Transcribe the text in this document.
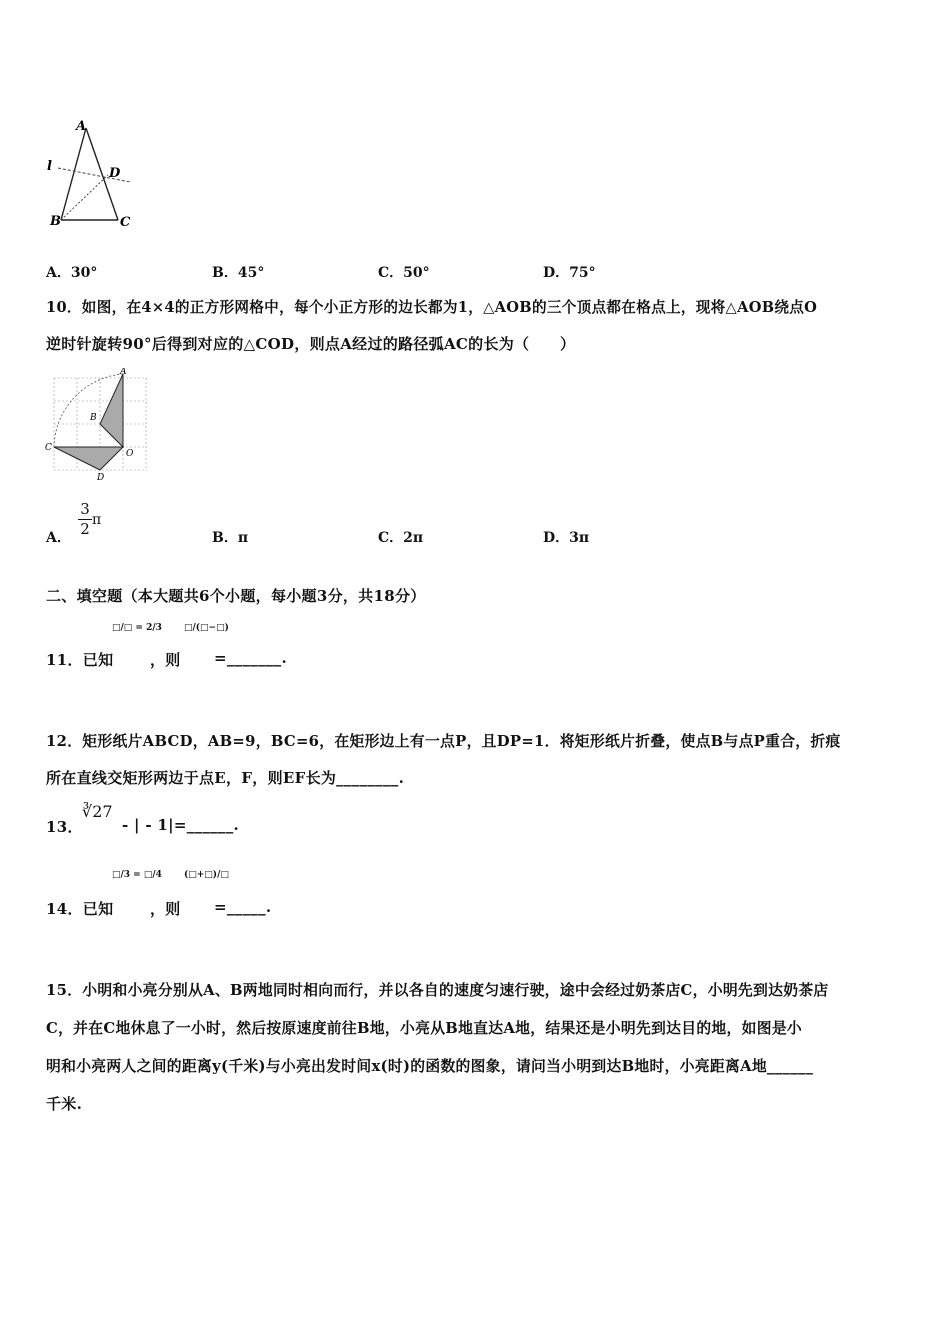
A
l	D
B	C
A．30°	B．45°	C．50°	D．75°
10．如图，在4×4的正方形网格中，每个小正方形的边长都为1，△AOB的三个顶点都在格点上，现将△AOB绕点O
逆时针旋转90°后得到对应的△COD，则点A经过的路径弧AC的长为（　　）
A
B
C
O
D
A．
3
2 π
B．π	C．2π	D．3π
二、填空题（本大题共6个小题，每小题3分，共18分）
□/□ = 2/3 □/(□−□)
11．已知 ，则 =_______.
12．矩形纸片ABCD，AB=9，BC=6，在矩形边上有一点P，且DP=1．将矩形纸片折叠，使点B与点P重合，折痕
所在直线交矩形两边于点E，F，则EF长为________.
13．
∛27
- | - 1|=______.
□/3 = □/4 (□+□)/□
14．已知 ，则 =_____.
15．小明和小亮分别从A、B两地同时相向而行，并以各自的速度匀速行驶，途中会经过奶茶店C，小明先到达奶茶店
C，并在C地休息了一小时，然后按原速度前往B地，小亮从B地直达A地，结果还是小明先到达目的地，如图是小
明和小亮两人之间的距离y(千米)与小亮出发时间x(时)的函数的图象，请问当小明到达B地时，小亮距离A地______
千米.
